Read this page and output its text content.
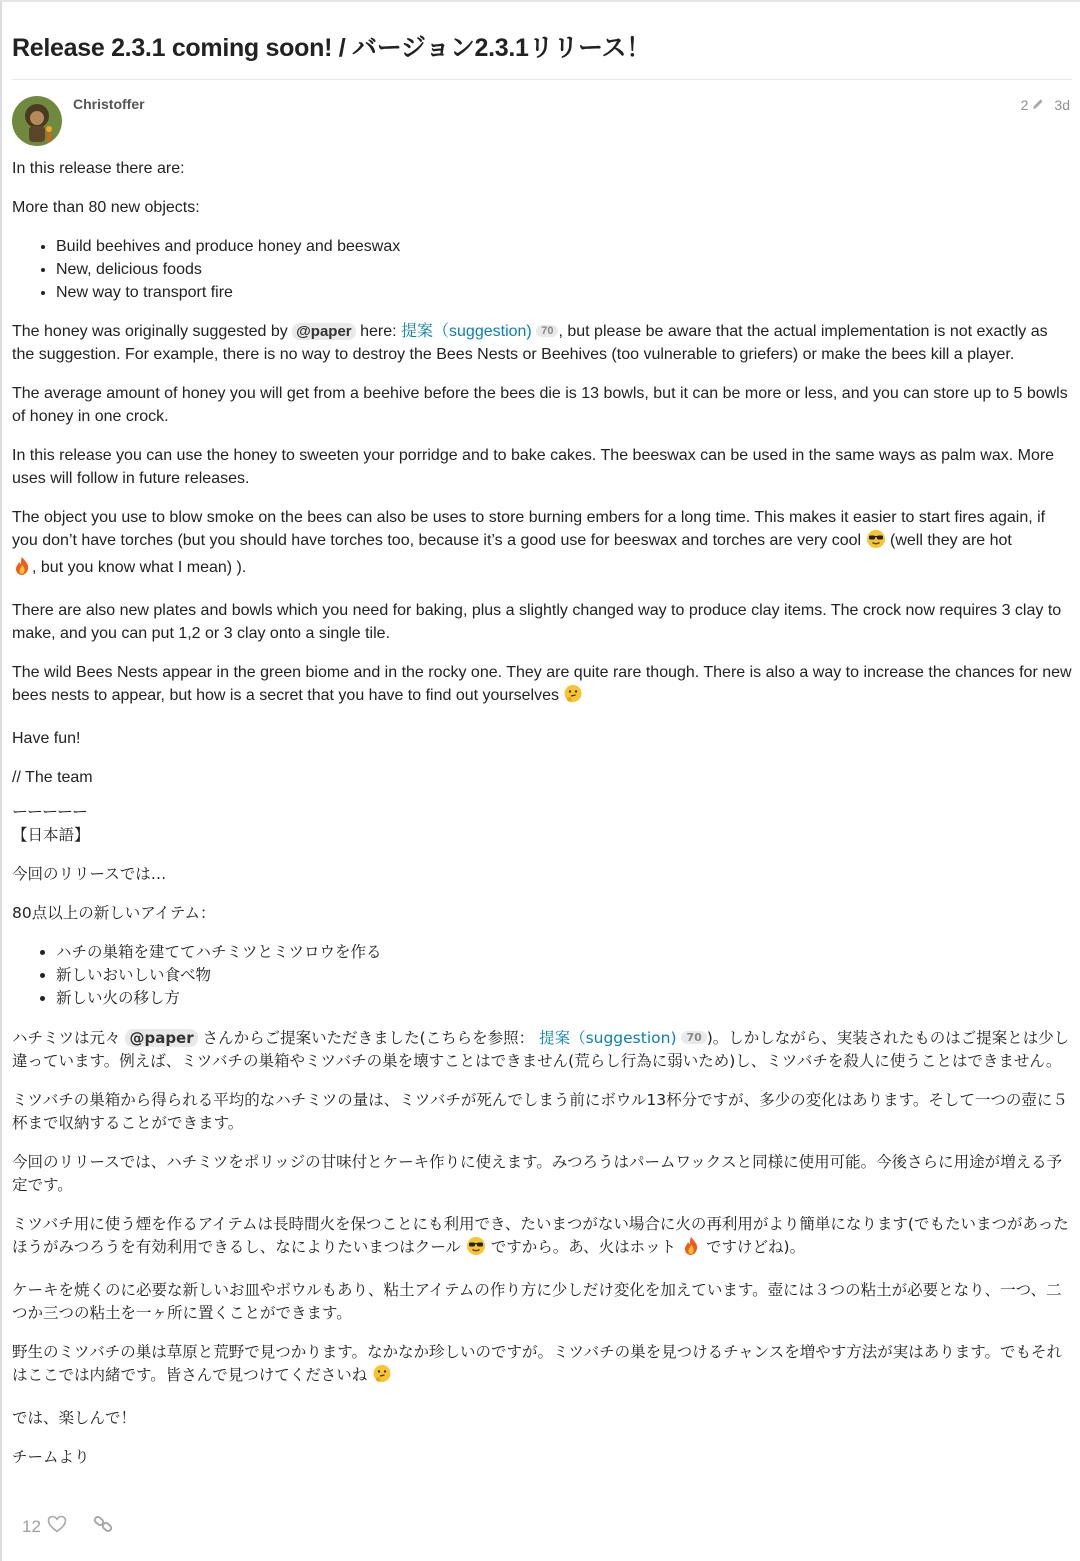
Release 2.3.1 coming soon! / バージョン2.3.1リリース！
Christoffer	2 3d

In this release there are:

More than 80 new objects:

• Build beehives and produce honey and beeswax
• New, delicious foods
• New way to transport fire

The honey was originally suggested by @paper here: 提案（suggestion) 70 , but please be aware that the actual implementation is not exactly as the suggestion. For example, there is no way to destroy the Bees Nests or Beehives (too vulnerable to griefers) or make the bees kill a player.

The average amount of honey you will get from a beehive before the bees die is 13 bowls, but it can be more or less, and you can store up to 5 bowls of honey in one crock.

In this release you can use the honey to sweeten your porridge and to bake cakes. The beeswax can be used in the same ways as palm wax. More uses will follow in future releases.

The object you use to blow smoke on the bees can also be uses to store burning embers for a long time. This makes it easier to start fires again, if you don’t have torches (but you should have torches too, because it’s a good use for beeswax and torches are very cool (well they are hot
, but you know what I mean) ).

There are also new plates and bowls which you need for baking, plus a slightly changed way to produce clay items. The crock now requires 3 clay to make, and you can put 1,2 or 3 clay onto a single tile.

The wild Bees Nests appear in the green biome and in the rocky one. They are quite rare though. There is also a way to increase the chances for new bees nests to appear, but how is a secret that you have to find out yourselves

Have fun!

// The team

ーーーーー

【日本語】

今回のリリースでは…

80点以上の新しいアイテム：

• ハチの巣箱を建ててハチミツとミツロウを作る
• 新しいおいしい食べ物
• 新しい火の移し方

ハチミツは元々 @paper さんからご提案いただきました(こちらを参照： 提案（suggestion) 70 )。しかしながら、実装されたものはご提案とは少し違っています。例えば、ミツバチの巣箱やミツバチの巣を壊すことはできません(荒らし行為に弱いため)し、ミツバチを殺人に使うことはできません。

ミツバチの巣箱から得られる平均的なハチミツの量は、ミツバチが死んでしまう前にボウル13杯分ですが、多少の変化はあります。そして一つの壺に５杯まで収納することができます。

今回のリリースでは、ハチミツをポリッジの甘味付とケーキ作りに使えます。みつろうはパームワックスと同様に使用可能。今後さらに用途が増える予定です。

ミツバチ用に使う煙を作るアイテムは長時間火を保つことにも利用でき、たいまつがない場合に火の再利用がより簡単になります(でもたいまつがあったほうがみつろうを有効利用できるし、なによりたいまつはクール ですから。あ、火はホット ですけどね)。

ケーキを焼くのに必要な新しいお皿やボウルもあり、粘土アイテムの作り方に少しだけ変化を加えています。壺には３つの粘土が必要となり、一つ、二つか三つの粘土を一ヶ所に置くことができます。

野生のミツバチの巣は草原と荒野で見つかります。なかなか珍しいのですが。ミツバチの巣を見つけるチャンスを増やす方法が実はあります。でもそれはここでは内緒です。皆さんで見つけてくださいね

では、楽しんで！

チームより

12
